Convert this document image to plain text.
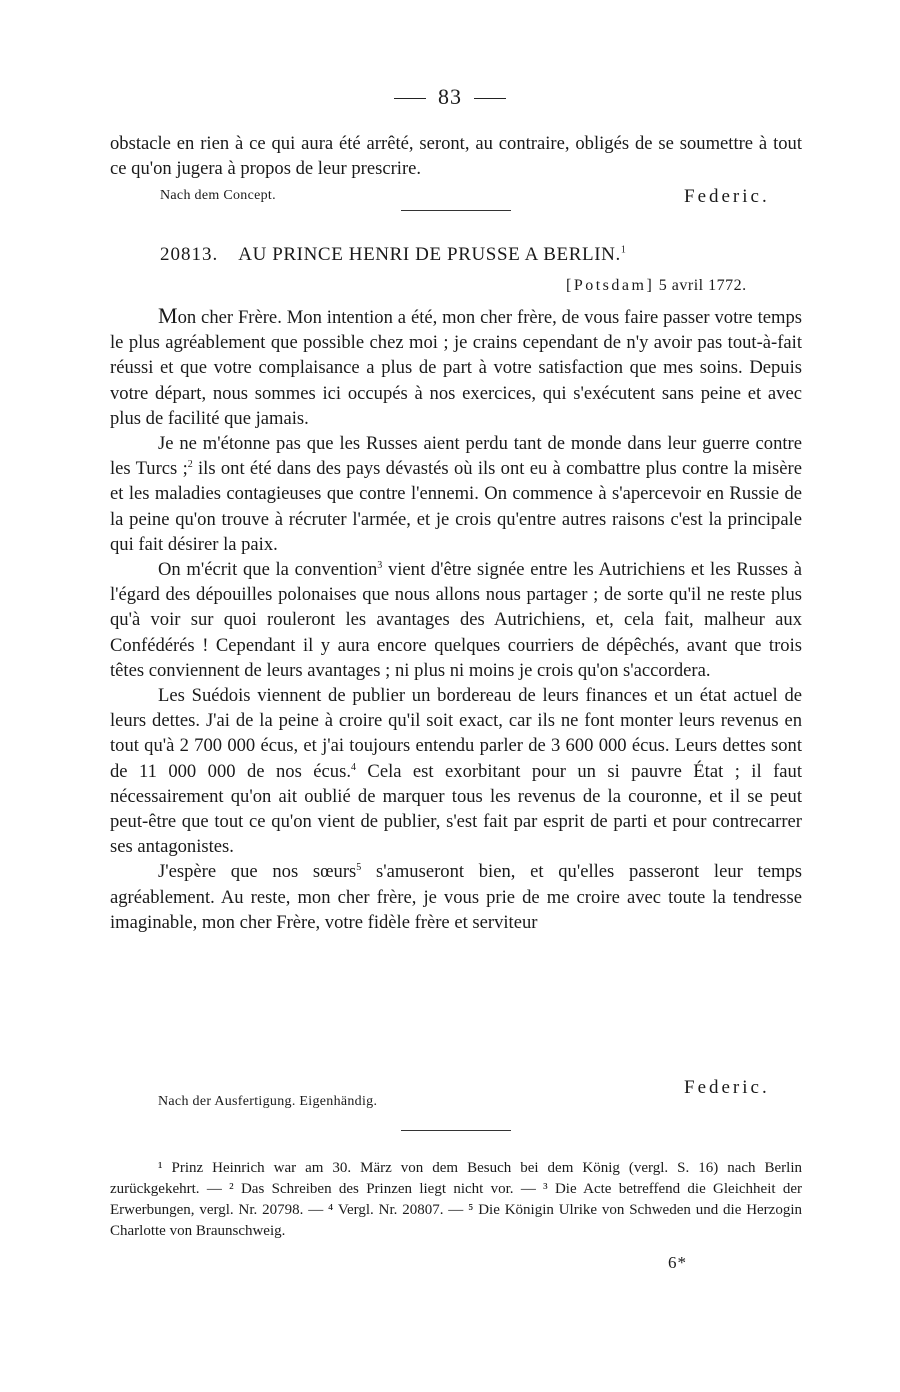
83

obstacle en rien à ce qui aura été arrêté, seront, au contraire, obligés de se soumettre à tout ce qu'on jugera à propos de leur prescrire.

Nach dem Concept.	Federic.
20813. AU PRINCE HENRI DE PRUSSE A BERLIN.$^1$
[Potsdam] 5 avril 1772.

Mon cher Frère. Mon intention a été, mon cher frère, de vous faire passer votre temps le plus agréablement que possible chez moi ; je crains cependant de n'y avoir pas tout-à-fait réussi et que votre complaisance a plus de part à votre satisfaction que mes soins. Depuis votre départ, nous sommes ici occupés à nos exercices, qui s'exécutent sans peine et avec plus de facilité que jamais.

Je ne m'étonne pas que les Russes aient perdu tant de monde dans leur guerre contre les Turcs ;$^2$ ils ont été dans des pays dévastés où ils ont eu à combattre plus contre la misère et les maladies contagieuses que contre l'ennemi. On commence à s'apercevoir en Russie de la peine qu'on trouve à récruter l'armée, et je crois qu'entre autres raisons c'est la principale qui fait désirer la paix.

On m'écrit que la convention$^3$ vient d'être signée entre les Autrichiens et les Russes à l'égard des dépouilles polonaises que nous allons nous partager ; de sorte qu'il ne reste plus qu'à voir sur quoi rouleront les avantages des Autrichiens, et, cela fait, malheur aux Confédérés ! Cependant il y aura encore quelques courriers de dépêchés, avant que trois têtes conviennent de leurs avantages ; ni plus ni moins je crois qu'on s'accordera.

Les Suédois viennent de publier un bordereau de leurs finances et un état actuel de leurs dettes. J'ai de la peine à croire qu'il soit exact, car ils ne font monter leurs revenus en tout qu'à 2 700 000 écus, et j'ai toujours entendu parler de 3 600 000 écus. Leurs dettes sont de 11 000 000 de nos écus.$^4$ Cela est exorbitant pour un si pauvre État ; il faut nécessairement qu'on ait oublié de marquer tous les revenus de la couronne, et il se peut peut-être que tout ce qu'on vient de publier, s'est fait par esprit de parti et pour contrecarrer ses antagonistes.

J'espère que nos sœurs$^5$ s'amuseront bien, et qu'elles passeront leur temps agréablement. Au reste, mon cher frère, je vous prie de me croire avec toute la tendresse imaginable, mon cher Frère, votre fidèle frère et serviteur

Federic.
Nach der Ausfertigung. Eigenhändig.

¹ Prinz Heinrich war am 30. März von dem Besuch bei dem König (vergl. S. 16) nach Berlin zurückgekehrt. — ² Das Schreiben des Prinzen liegt nicht vor. — ³ Die Acte betreffend die Gleichheit der Erwerbungen, vergl. Nr. 20798. — ⁴ Vergl. Nr. 20807. — ⁵ Die Königin Ulrike von Schweden und die Herzogin Charlotte von Braunschweig.

6*
